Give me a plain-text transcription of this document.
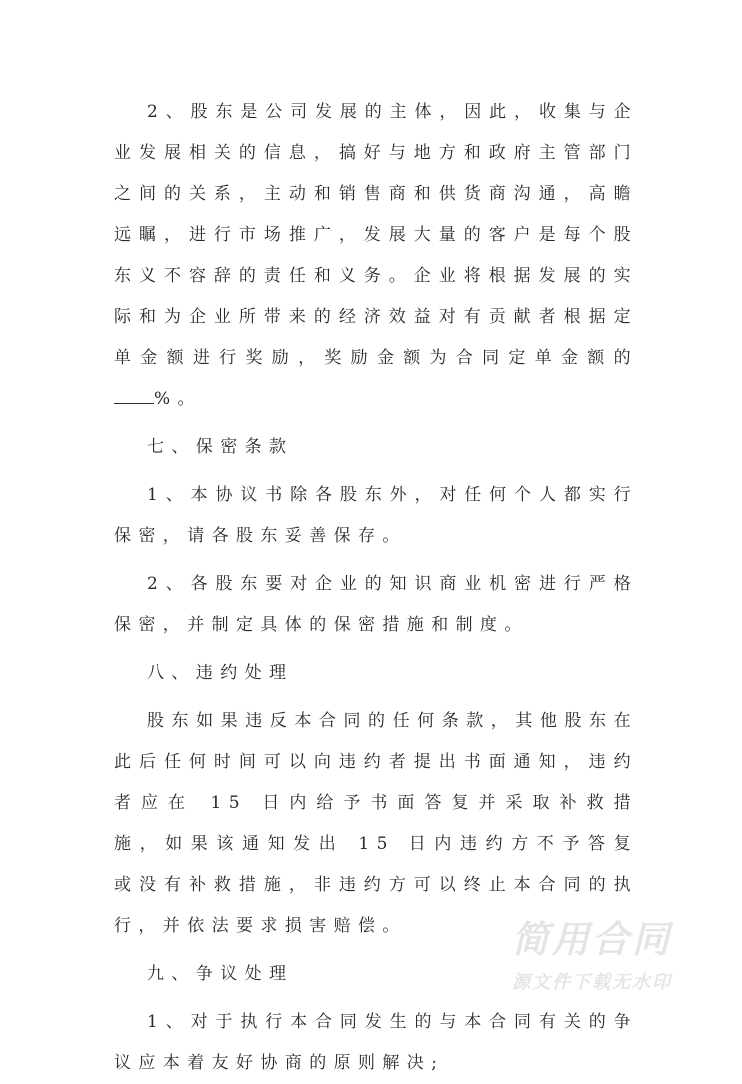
2、股东是公司发展的主体，因此，收集与企业发展相关的信息，搞好与地方和政府主管部门之间的关系，主动和销售商和供货商沟通，高瞻远瞩，进行市场推广，发展大量的客户是每个股东义不容辞的责任和义务。企业将根据发展的实际和为企业所带来的经济效益对有贡献者根据定单金额进行奖励，奖励金额为合同定单金额的%。

七、保密条款

1、本协议书除各股东外，对任何个人都实行保密，请各股东妥善保存。

2、各股东要对企业的知识商业机密进行严格保密，并制定具体的保密措施和制度。

八、违约处理

股东如果违反本合同的任何条款，其他股东在此后任何时间可以向违约者提出书面通知，违约者应在 15 日内给予书面答复并采取补救措施，如果该通知发出 15 日内违约方不予答复或没有补救措施，非违约方可以终止本合同的执行，并依法要求损害赔偿。

九、争议处理

1、对于执行本合同发生的与本合同有关的争议应本着友好协商的原则解决;

简用合同
源文件下载无水印
